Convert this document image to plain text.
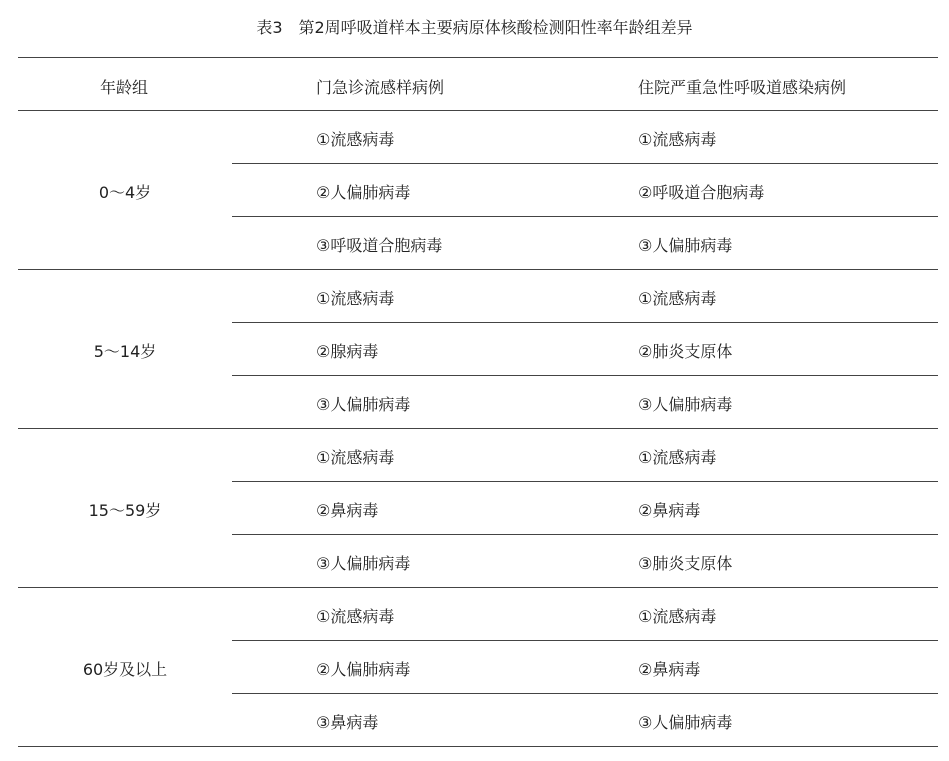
表3　第2周呼吸道样本主要病原体核酸检测阳性率年龄组差异
年龄组	门急诊流感样病例	住院严重急性呼吸道感染病例
0～4岁
①流感病毒	①流感病毒
②人偏肺病毒	②呼吸道合胞病毒
③呼吸道合胞病毒	③人偏肺病毒
5～14岁
①流感病毒	①流感病毒
②腺病毒	②肺炎支原体
③人偏肺病毒	③人偏肺病毒
15～59岁
①流感病毒	①流感病毒
②鼻病毒	②鼻病毒
③人偏肺病毒	③肺炎支原体
60岁及以上
①流感病毒	①流感病毒
②人偏肺病毒	②鼻病毒
③鼻病毒	③人偏肺病毒
